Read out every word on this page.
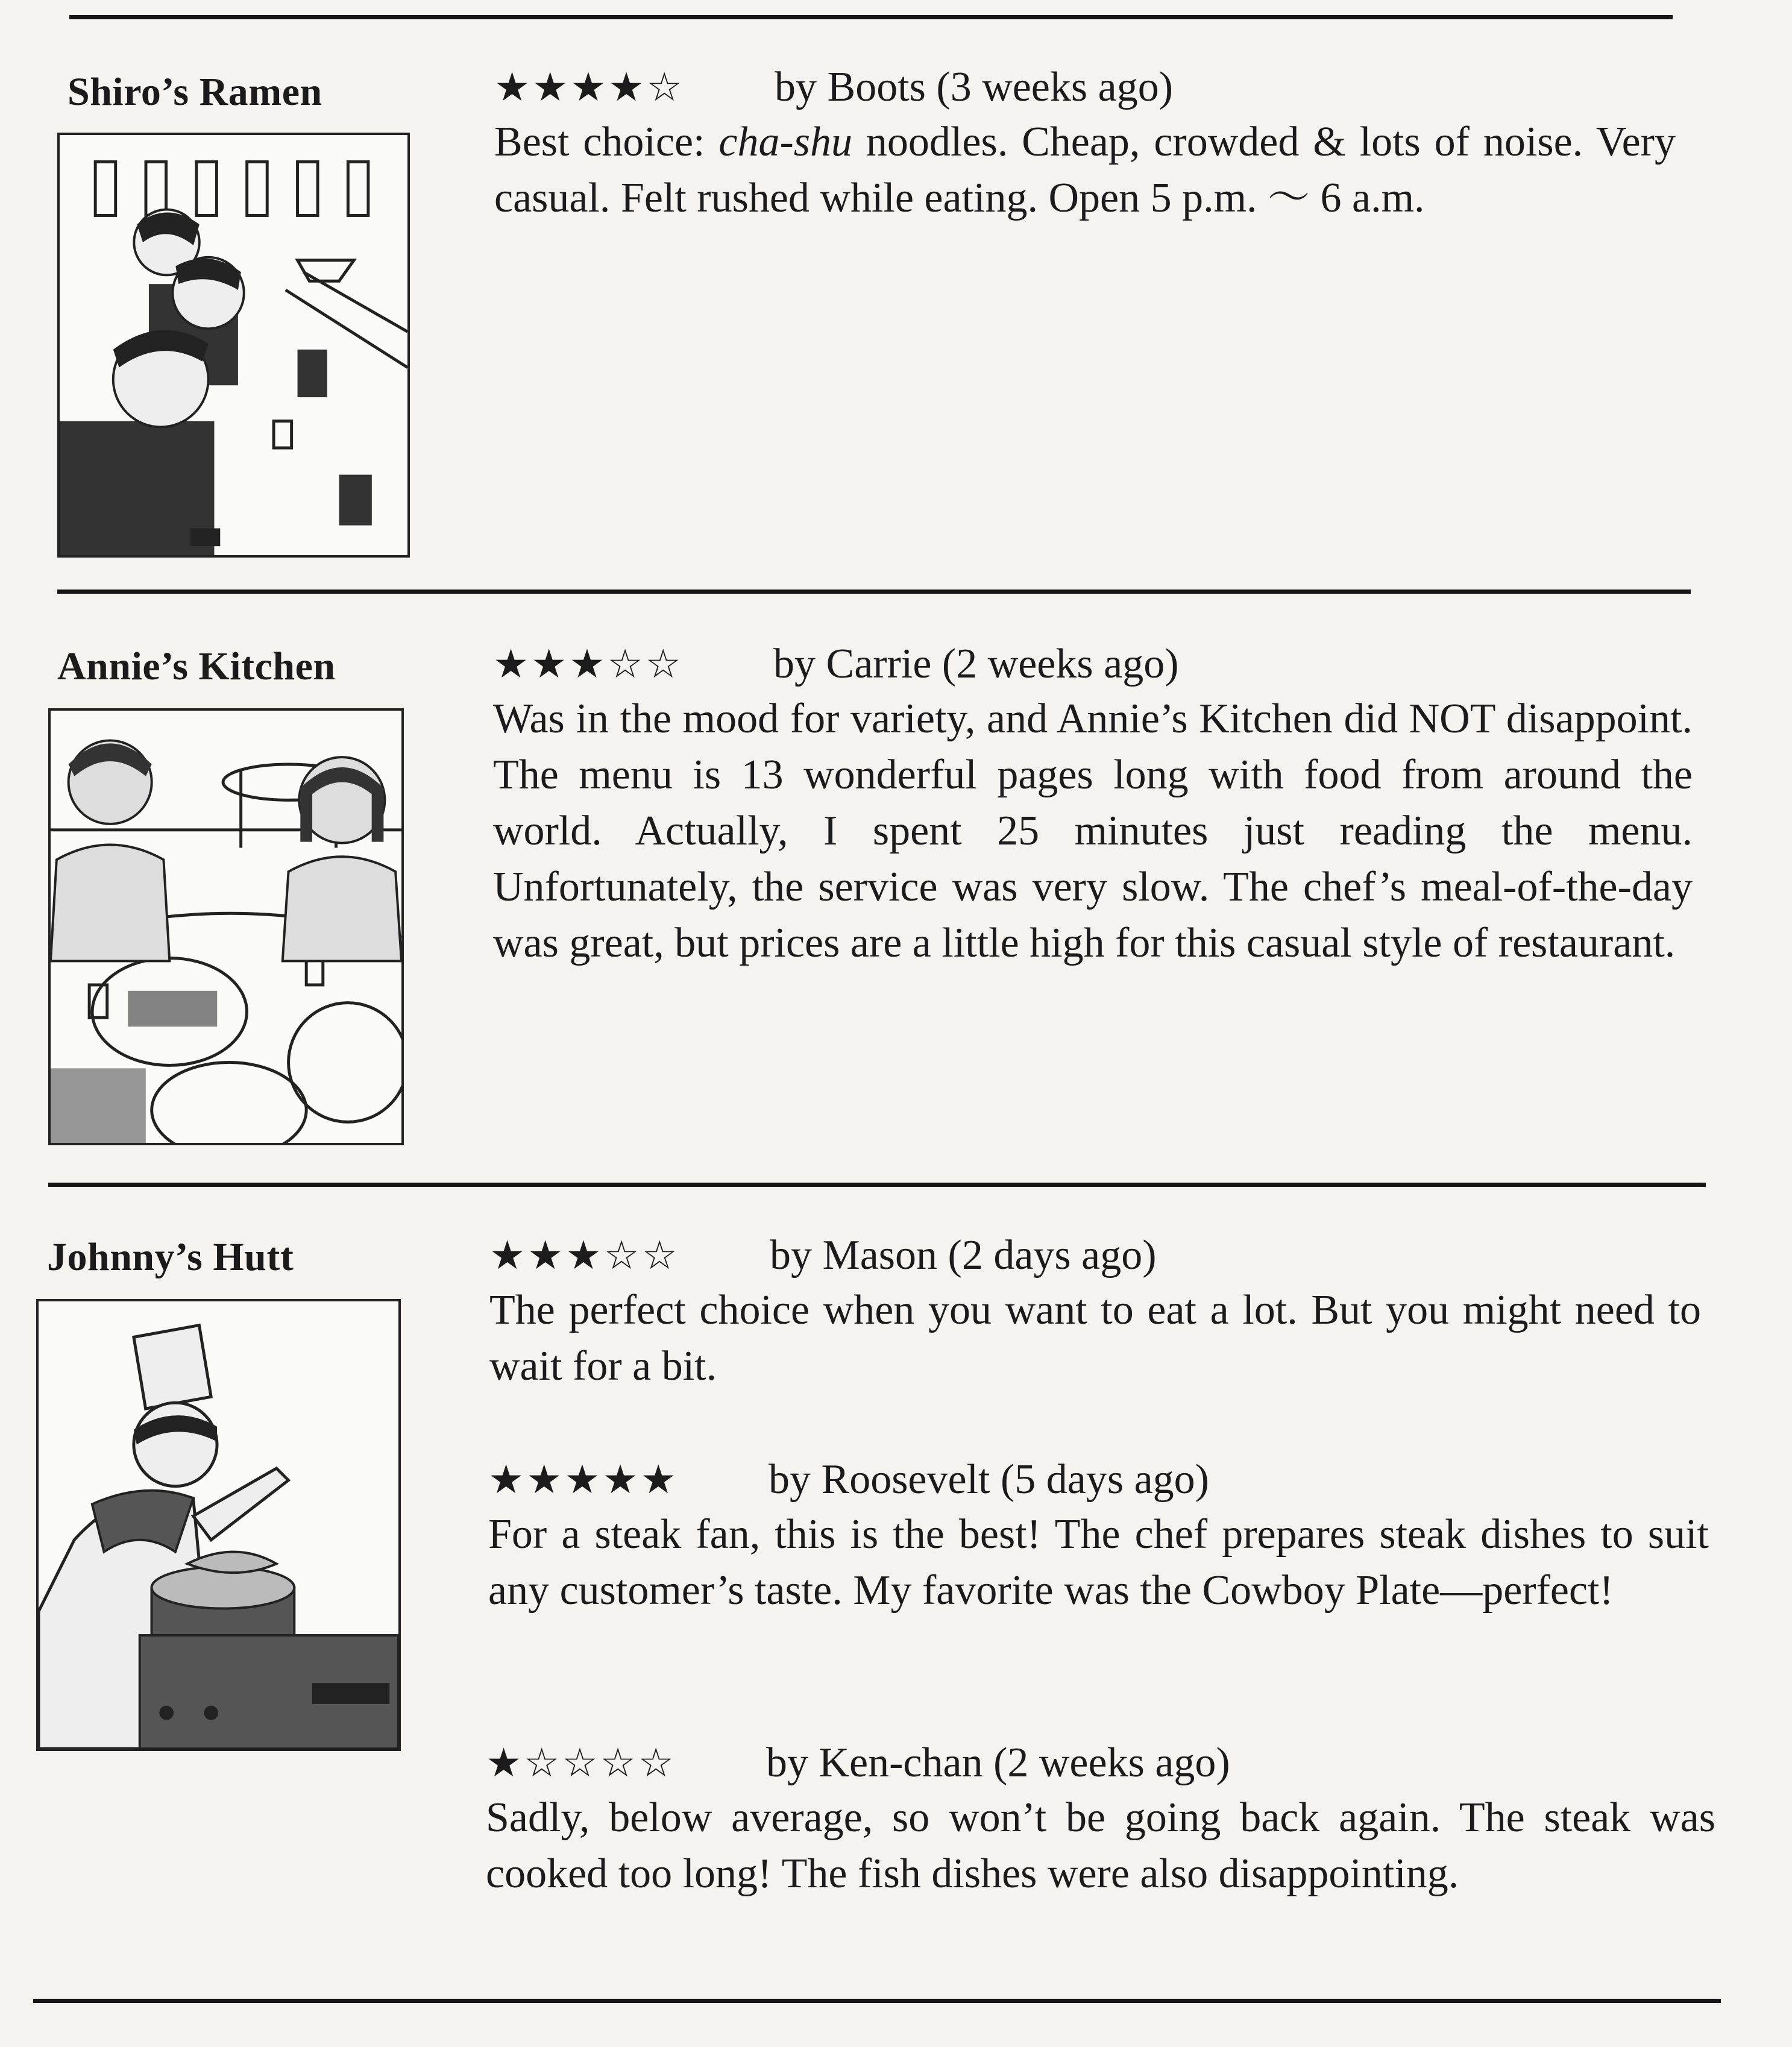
Shiro’s Ramen	★★★★☆ by Boots (3 weeks ago)
Best choice: cha-shu noodles. Cheap, crowded & lots of noise. Very casual. Felt rushed while eating. Open 5 p.m. ～ 6 a.m.
Annie’s Kitchen	★★★☆☆ by Carrie (2 weeks ago)
Was in the mood for variety, and Annie’s Kitchen did NOT disappoint. The menu is 13 wonderful pages long with food from around the world. Actually, I spent 25 minutes just reading the menu. Unfortunately, the service was very slow. The chef’s meal-of-the-day was great, but prices are a little high for this casual style of restaurant.
Johnny’s Hutt	★★★☆☆ by Mason (2 days ago)
The perfect choice when you want to eat a lot. But you might need to wait for a bit.
★★★★★ by Roosevelt (5 days ago)
For a steak fan, this is the best! The chef prepares steak dishes to suit any customer’s taste. My favorite was the Cowboy Plate—perfect!
★☆☆☆☆ by Ken-chan (2 weeks ago)
Sadly, below average, so won’t be going back again. The steak was cooked too long! The fish dishes were also disappointing.
